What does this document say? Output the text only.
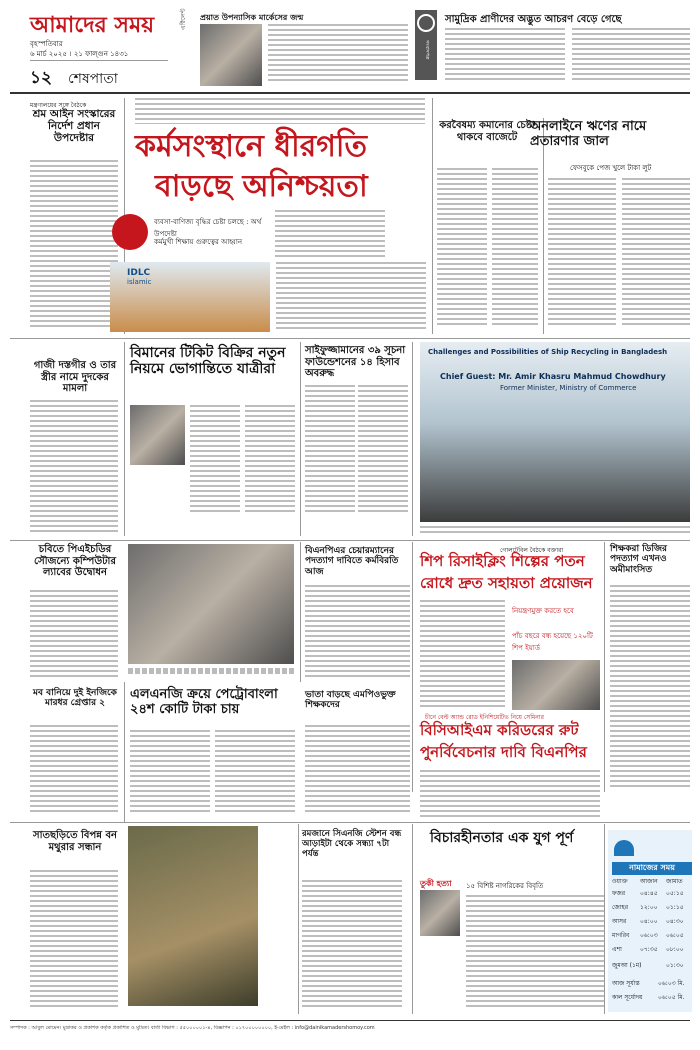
আমাদের সময়
বৃহস্পতিবার
৬ মার্চ ২০২৫ । ২১ ফাল্গুন ১৪৩১
১২ শেষপাতা
এক্টিলেন্ট প্রয়াত উপন্যাসিক মার্কেসের জন্ম
সংবাদপত্র
সামুদ্রিক প্রাণীদের অদ্ভুত আচরণ বেড়ে গেছে
মন্ত্রণালয়ের সঙ্গে বৈঠকে
শ্রম আইন সংস্কারের নির্দেশ প্রধান উপদেষ্টার	কর্মসংস্থানে ধীরগতি
বাড়ছে অনিশ্চয়তা
ব্যবসা-বাণিজ্য বৃদ্ধির চেষ্টা চলছে : অর্থ উপদেষ্টা
কর্মমুখী শিক্ষায় গুরুত্বের আহ্বান
IDLC
islamic
করবৈষম্য কমানোর চেষ্টা থাকবে বাজেটে
অনলাইনে ঋণের নামে প্রতারণার জাল
ফেসবুকে পেজ খুলে টাকা লুট
গাজী দস্তগীর ও তার স্ত্রীর নামে দুদকের মামলা
বিমানের টিকিট বিক্রির নতুন নিয়মে ভোগান্তিতে যাত্রীরা
সাইফুজ্জামানের ৩৯ সূচনা ফাউন্ডেশনের ১৪ হিসাব অবরুদ্ধ
Challenges and Possibilities of Ship Recycling in Bangladesh
Chief Guest: Mr. Amir Khasru Mahmud Chowdhury
Former Minister, Ministry of Commerce
চবিতে পিএইচডির সৌজন্যে কম্পিউটার ল্যাবের উদ্বোধন
বিএনপিএর চেয়ারম্যানের পদত্যাগ দাবিতে কর্মবিরতি আজ
গোলটেবিল বৈঠকে বক্তারা
শিপ রিসাইক্লিং শিল্পের পতন
রোধে দ্রুত সহায়তা প্রয়োজন
নিয়ন্ত্রণমুক্ত করতে হবে
পাঁচ বছরে বন্ধ হয়েছে ১২০টি শিপ ইয়ার্ড
শিক্ষকরা ডিজির পদত্যাগ এখনও অমীমাংসিত
মব বানিয়ে দুই ইনজিকে মারধর গ্রেপ্তার ২
এলএনজি ক্রয়ে পেট্রোবাংলা ২৪শ কোটি টাকা চায়
ভাতা বাড়ছে এমপিওভুক্ত শিক্ষকদের
চীনে বেল্ট অ্যান্ড রোড ইনিশিয়েটিভ নিয়ে সেমিনার
বিসিআইএম করিডরের রুট
পুনর্বিবেচনার দাবি বিএনপির
সাতছড়িতে বিপন্ন বন মথুরার সন্ধান
রমজানে সিএনজি স্টেশন বন্ধ আড়াইটা থেকে সন্ধ্যা ৭টা পর্যন্ত
বিচারহীনতার এক যুগ পূর্ণ
তুকী হত্যা ১৫ বিশিষ্ট নাগরিকের বিবৃতি
নামাজের সময়
ওয়াক্ত আজান জামাত
ফজর ০৪:৪৫ ০৫:১৫
জোহর ১২:০০ ০১:১৫
আসর ০৪:০০ ০৪:৩০
মাগরিব ০৬:০৩ ০৬:০৫
এশা	০৭:৩৫ ০৮:০০
জুমআ (১ম)	০১:৩০
আজ সূর্যাস্ত	০৬:০৩ মি.
কাল সূর্যোদয়	০৬:০৫ মি.
সম্পাদক : আবুল মোমেন। মুদ্রাকর ও প্রকাশক কর্তৃক প্রকাশিত ও মুদ্রিত। বার্তা বিভাগ : ৫৫০০০০০১-৪, বিজ্ঞাপন : ০১৭০০০০০০০০, ই-মেইল : info@dainikamadershomoy.com
